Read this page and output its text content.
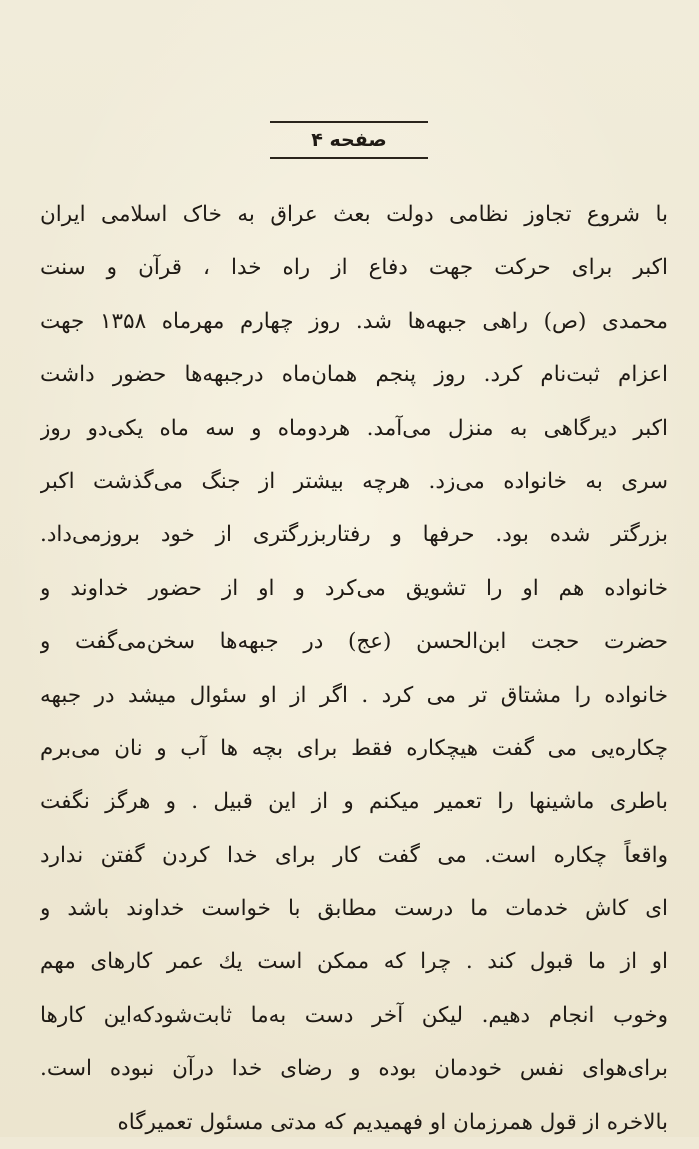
صفحه ۴
با شروع تجاوز نظامی دولت بعث عراق به خاک اسلامی ایران
اکبر برای حرکت جهت دفاع از راه خدا ، قرآن و سنت
محمدی (ص) راهی جبهه‌ها شد. روز چهارم مهرماه ۱۳۵۸ جهت
اعزام ثبت‌نام کرد. روز پنجم همان‌ماه درجبهه‌ها حضور داشت
اکبر دیرگاهی به منزل می‌آمد. هردوماه و سه ماه یکی‌دو روز
سری به خانواده می‌زد. هرچه بیشتر از جنگ می‌گذشت اکبر
بزرگتر شده بود. حرفها و رفتاربزرگتری از خود بروزمی‌داد.
خانواده هم او را تشویق می‌کرد و او از حضور خداوند و
حضرت حجت ابن‌الحسن (عج) در جبهه‌ها سخن‌می‌گفت و
خانواده را مشتاق تر می کرد . اگر از او سئوال میشد در جبهه
چکاره‌یی می گفت هیچکاره فقط برای بچه ها آب و نان می‌برم
باطری ماشینها را تعمیر میکنم و از این قبیل . و هرگز نگفت
واقعاً چکاره است. می گفت کار برای خدا کردن گفتن ندارد
ای کاش خدمات ما درست مطابق با خواست خداوند باشد و
او از ما قبول کند . چرا که ممکن است یك عمر کارهای مهم
وخوب انجام دهیم. لیکن آخر دست به‌ما ثابت‌شودکه‌این کارها
برای‌هوای نفس خودمان بوده و رضای خدا درآن نبوده است.
بالاخره از قول همرزمان او فهمیدیم که مدتی مسئول تعمیرگاه
